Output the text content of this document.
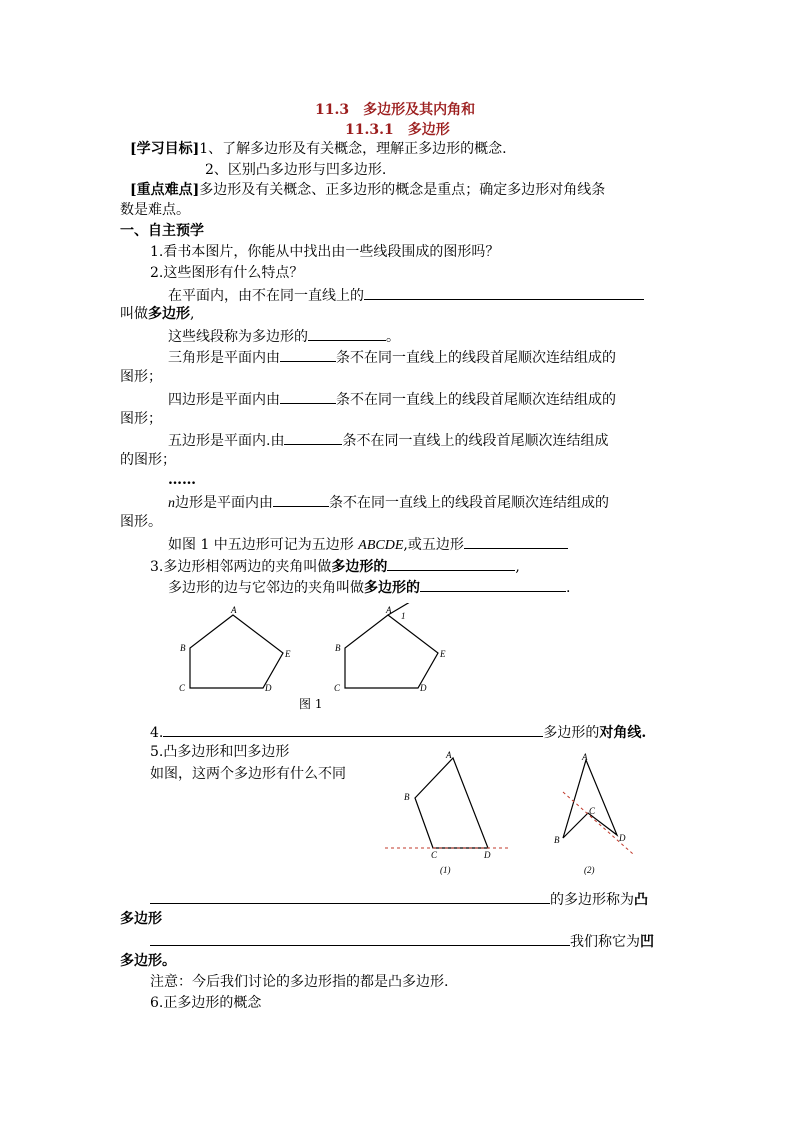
11.3　多边形及其内角和
11.3.1　多边形
[学习目标]1、了解多边形及有关概念，理解正多边形的概念.
2、区别凸多边形与凹多边形.
[重点难点]多边形及有关概念、正多边形的概念是重点；确定多边形对角线条
数是难点。
一、自主预学
1.看书本图片，你能从中找出由一些线段围成的图形吗？
2.这些图形有什么特点？
在平面内，由不在同一直线上的
叫做多边形,
这些线段称为多边形的	。
三角形是平面内由	条不在同一直线上的线段首尾顺次连结组成的
图形；
四边形是平面内由	条不在同一直线上的线段首尾顺次连结组成的
图形；
五边形是平面内.由	条不在同一直线上的线段首尾顺次连结组成
的图形；
……
n边形是平面内由	条不在同一直线上的线段首尾顺次连结组成的
图形。
如图 1 中五边形可记为五边形 ABCDE,或五边形
3.多边形相邻两边的夹角叫做多边形的	,
多边形的边与它邻边的夹角叫做多边形的	.
A
B
C	D
E
A
1
B
C	D
E
图 1
4.	多边形的对角线.
5.凸多边形和凹多边形
如图，这两个多边形有什么不同
A
B
C	D
(1)
A
B
C
D
(2)
的多边形称为凸
多边形
我们称它为凹
多边形。
注意：今后我们讨论的多边形指的都是凸多边形.
6.正多边形的概念
